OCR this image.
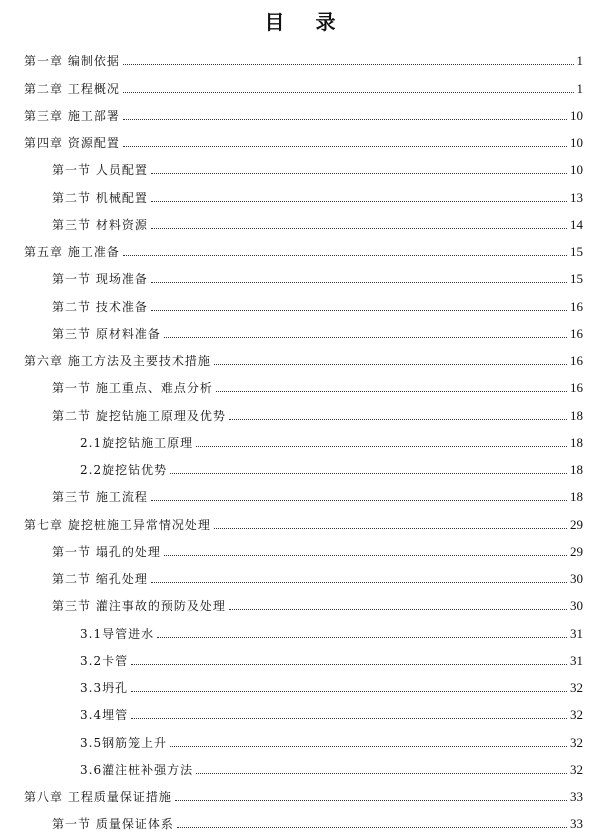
目 录
第一章 编制依据	1
第二章 工程概况	1
第三章 施工部署	10
第四章 资源配置	10
第一节 人员配置	10
第二节 机械配置	13
第三节 材料资源	14
第五章 施工准备	15
第一节 现场准备	15
第二节 技术准备	16
第三节 原材料准备	16
第六章 施工方法及主要技术措施	16
第一节 施工重点、难点分析	16
第二节 旋挖钻施工原理及优势	18
2.1旋挖钻施工原理	18
2.2旋挖钻优势	18
第三节 施工流程	18
第七章 旋挖桩施工异常情况处理	29
第一节 塌孔的处理	29
第二节 缩孔处理	30
第三节 灌注事故的预防及处理	30
3.1导管进水	31
3.2卡管	31
3.3坍孔	32
3.4埋管	32
3.5钢筋笼上升	32
3.6灌注桩补强方法	32
第八章 工程质量保证措施	33
第一节 质量保证体系	33
